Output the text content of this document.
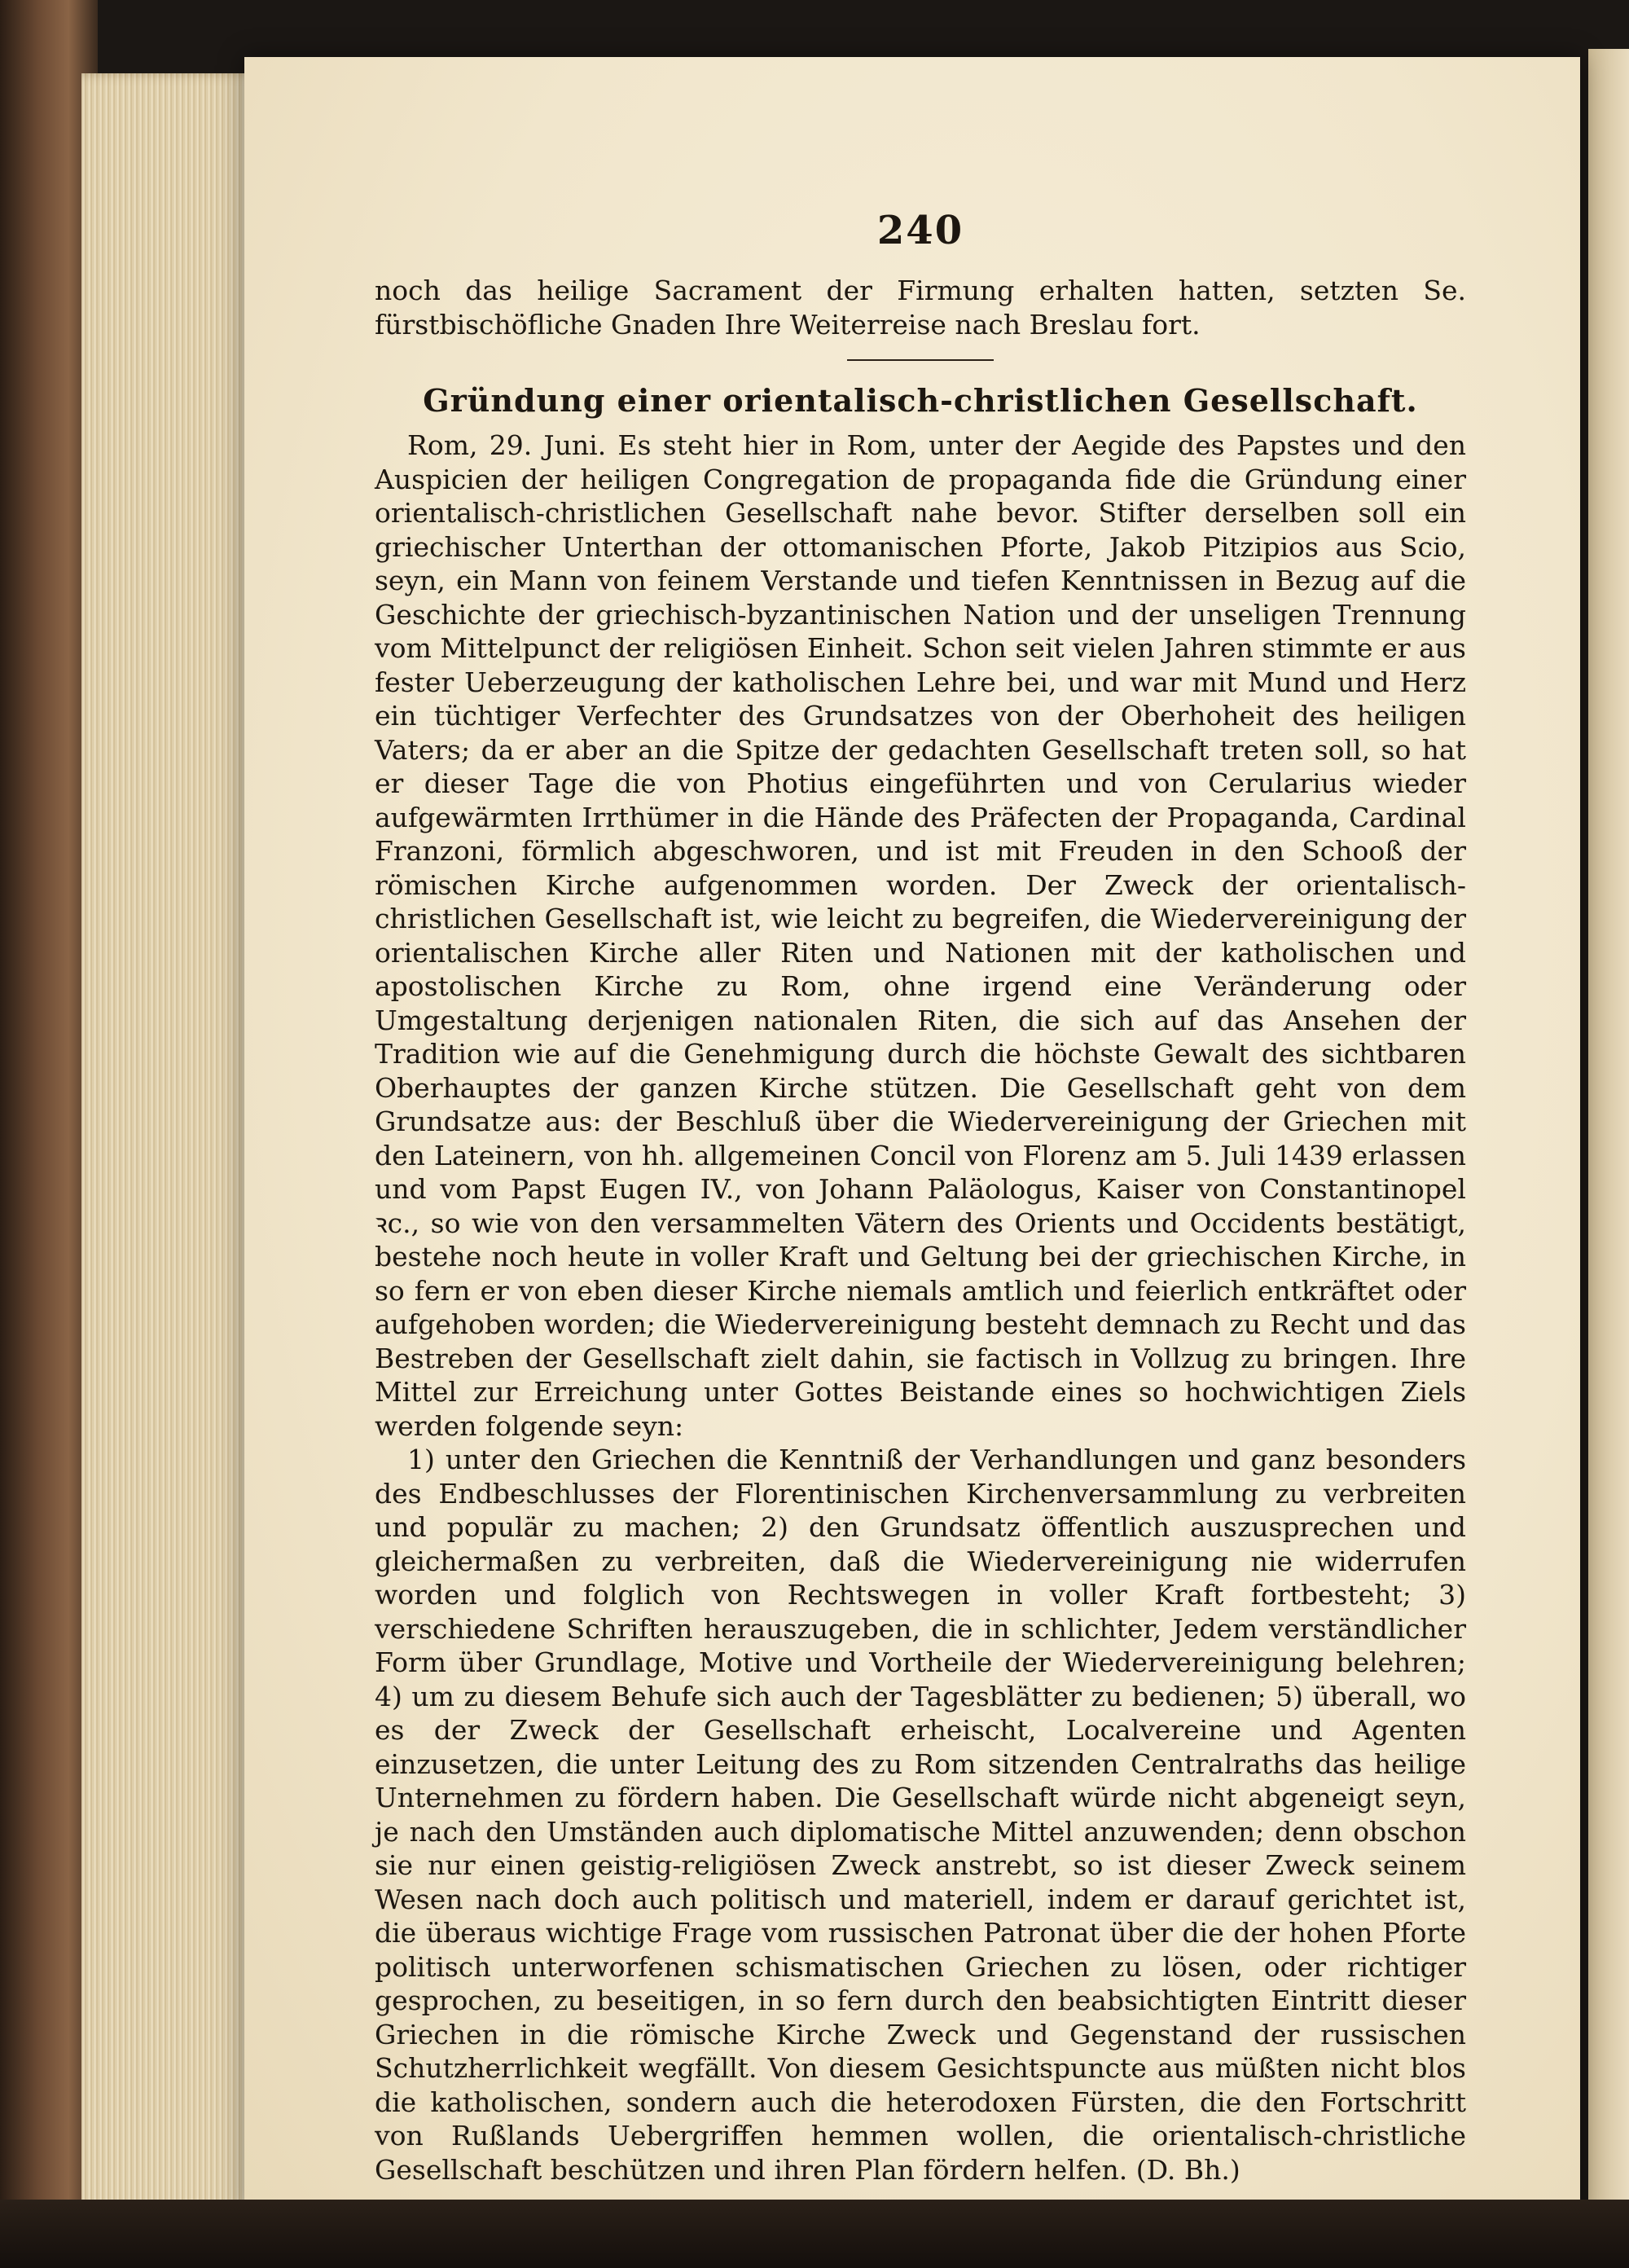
240

noch das heilige Sacrament der Firmung erhalten hatten, setzten Se. fürstbischöfliche Gnaden Ihre Weiterreise nach Breslau fort.

Gründung einer orientalisch-christlichen Gesellschaft.

Rom, 29. Juni. Es steht hier in Rom, unter der Aegide des Papstes und den Auspicien der heiligen Congregation de propaganda fide die Gründung einer orientalisch-christlichen Gesellschaft nahe bevor. Stifter derselben soll ein griechischer Unterthan der ottomanischen Pforte, Jakob Pitzipios aus Scio, seyn, ein Mann von feinem Verstande und tiefen Kenntnissen in Bezug auf die Geschichte der griechisch-byzantinischen Nation und der unseligen Trennung vom Mittelpunct der religiösen Einheit. Schon seit vielen Jahren stimmte er aus fester Ueberzeugung der katholischen Lehre bei, und war mit Mund und Herz ein tüchtiger Verfechter des Grundsatzes von der Oberhoheit des heiligen Vaters; da er aber an die Spitze der gedachten Gesellschaft treten soll, so hat er dieser Tage die von Photius eingeführten und von Cerularius wieder aufgewärmten Irrthümer in die Hände des Präfecten der Propaganda, Cardinal Franzoni, förmlich abgeschworen, und ist mit Freuden in den Schooß der römischen Kirche aufgenommen worden. Der Zweck der orientalisch-christlichen Gesellschaft ist, wie leicht zu begreifen, die Wiedervereinigung der orientalischen Kirche aller Riten und Nationen mit der katholischen und apostolischen Kirche zu Rom, ohne irgend eine Veränderung oder Umgestaltung derjenigen nationalen Riten, die sich auf das Ansehen der Tradition wie auf die Genehmigung durch die höchste Gewalt des sichtbaren Oberhauptes der ganzen Kirche stützen. Die Gesellschaft geht von dem Grundsatze aus: der Beschluß über die Wiedervereinigung der Griechen mit den Lateinern, von hh. allgemeinen Concil von Florenz am 5. Juli 1439 erlassen und vom Papst Eugen IV., von Johann Paläologus, Kaiser von Constantinopel ꝛc., so wie von den versammelten Vätern des Orients und Occidents bestätigt, bestehe noch heute in voller Kraft und Geltung bei der griechischen Kirche, in so fern er von eben dieser Kirche niemals amtlich und feierlich entkräftet oder aufgehoben worden; die Wiedervereinigung besteht demnach zu Recht und das Bestreben der Gesellschaft zielt dahin, sie factisch in Vollzug zu bringen. Ihre Mittel zur Erreichung unter Gottes Beistande eines so hochwichtigen Ziels werden folgende seyn:

1) unter den Griechen die Kenntniß der Verhandlungen und ganz besonders des Endbeschlusses der Florentinischen Kirchenversammlung zu verbreiten und populär zu machen; 2) den Grundsatz öffentlich auszusprechen und gleichermaßen zu verbreiten, daß die Wiedervereinigung nie widerrufen worden und folglich von Rechtswegen in voller Kraft fortbesteht; 3) verschiedene Schriften herauszugeben, die in schlichter, Jedem verständlicher Form über Grundlage, Motive und Vortheile der Wiedervereinigung belehren; 4) um zu diesem Behufe sich auch der Tagesblätter zu bedienen; 5) überall, wo es der Zweck der Gesellschaft erheischt, Localvereine und Agenten einzusetzen, die unter Leitung des zu Rom sitzenden Centralraths das heilige Unternehmen zu fördern haben. Die Gesellschaft würde nicht abgeneigt seyn, je nach den Umständen auch diplomatische Mittel anzuwenden; denn obschon sie nur einen geistig-religiösen Zweck anstrebt, so ist dieser Zweck seinem Wesen nach doch auch politisch und materiell, indem er darauf gerichtet ist, die überaus wichtige Frage vom russischen Patronat über die der hohen Pforte politisch unterworfenen schismatischen Griechen zu lösen, oder richtiger gesprochen, zu beseitigen, in so fern durch den beabsichtigten Eintritt dieser Griechen in die römische Kirche Zweck und Gegenstand der russischen Schutzherrlichkeit wegfällt. Von diesem Gesichtspuncte aus müßten nicht blos die katholischen, sondern auch die heterodoxen Fürsten, die den Fortschritt von Rußlands Uebergriffen hemmen wollen, die orientalisch-christliche Gesellschaft beschützen und ihren Plan fördern helfen. (D. Bh.)
